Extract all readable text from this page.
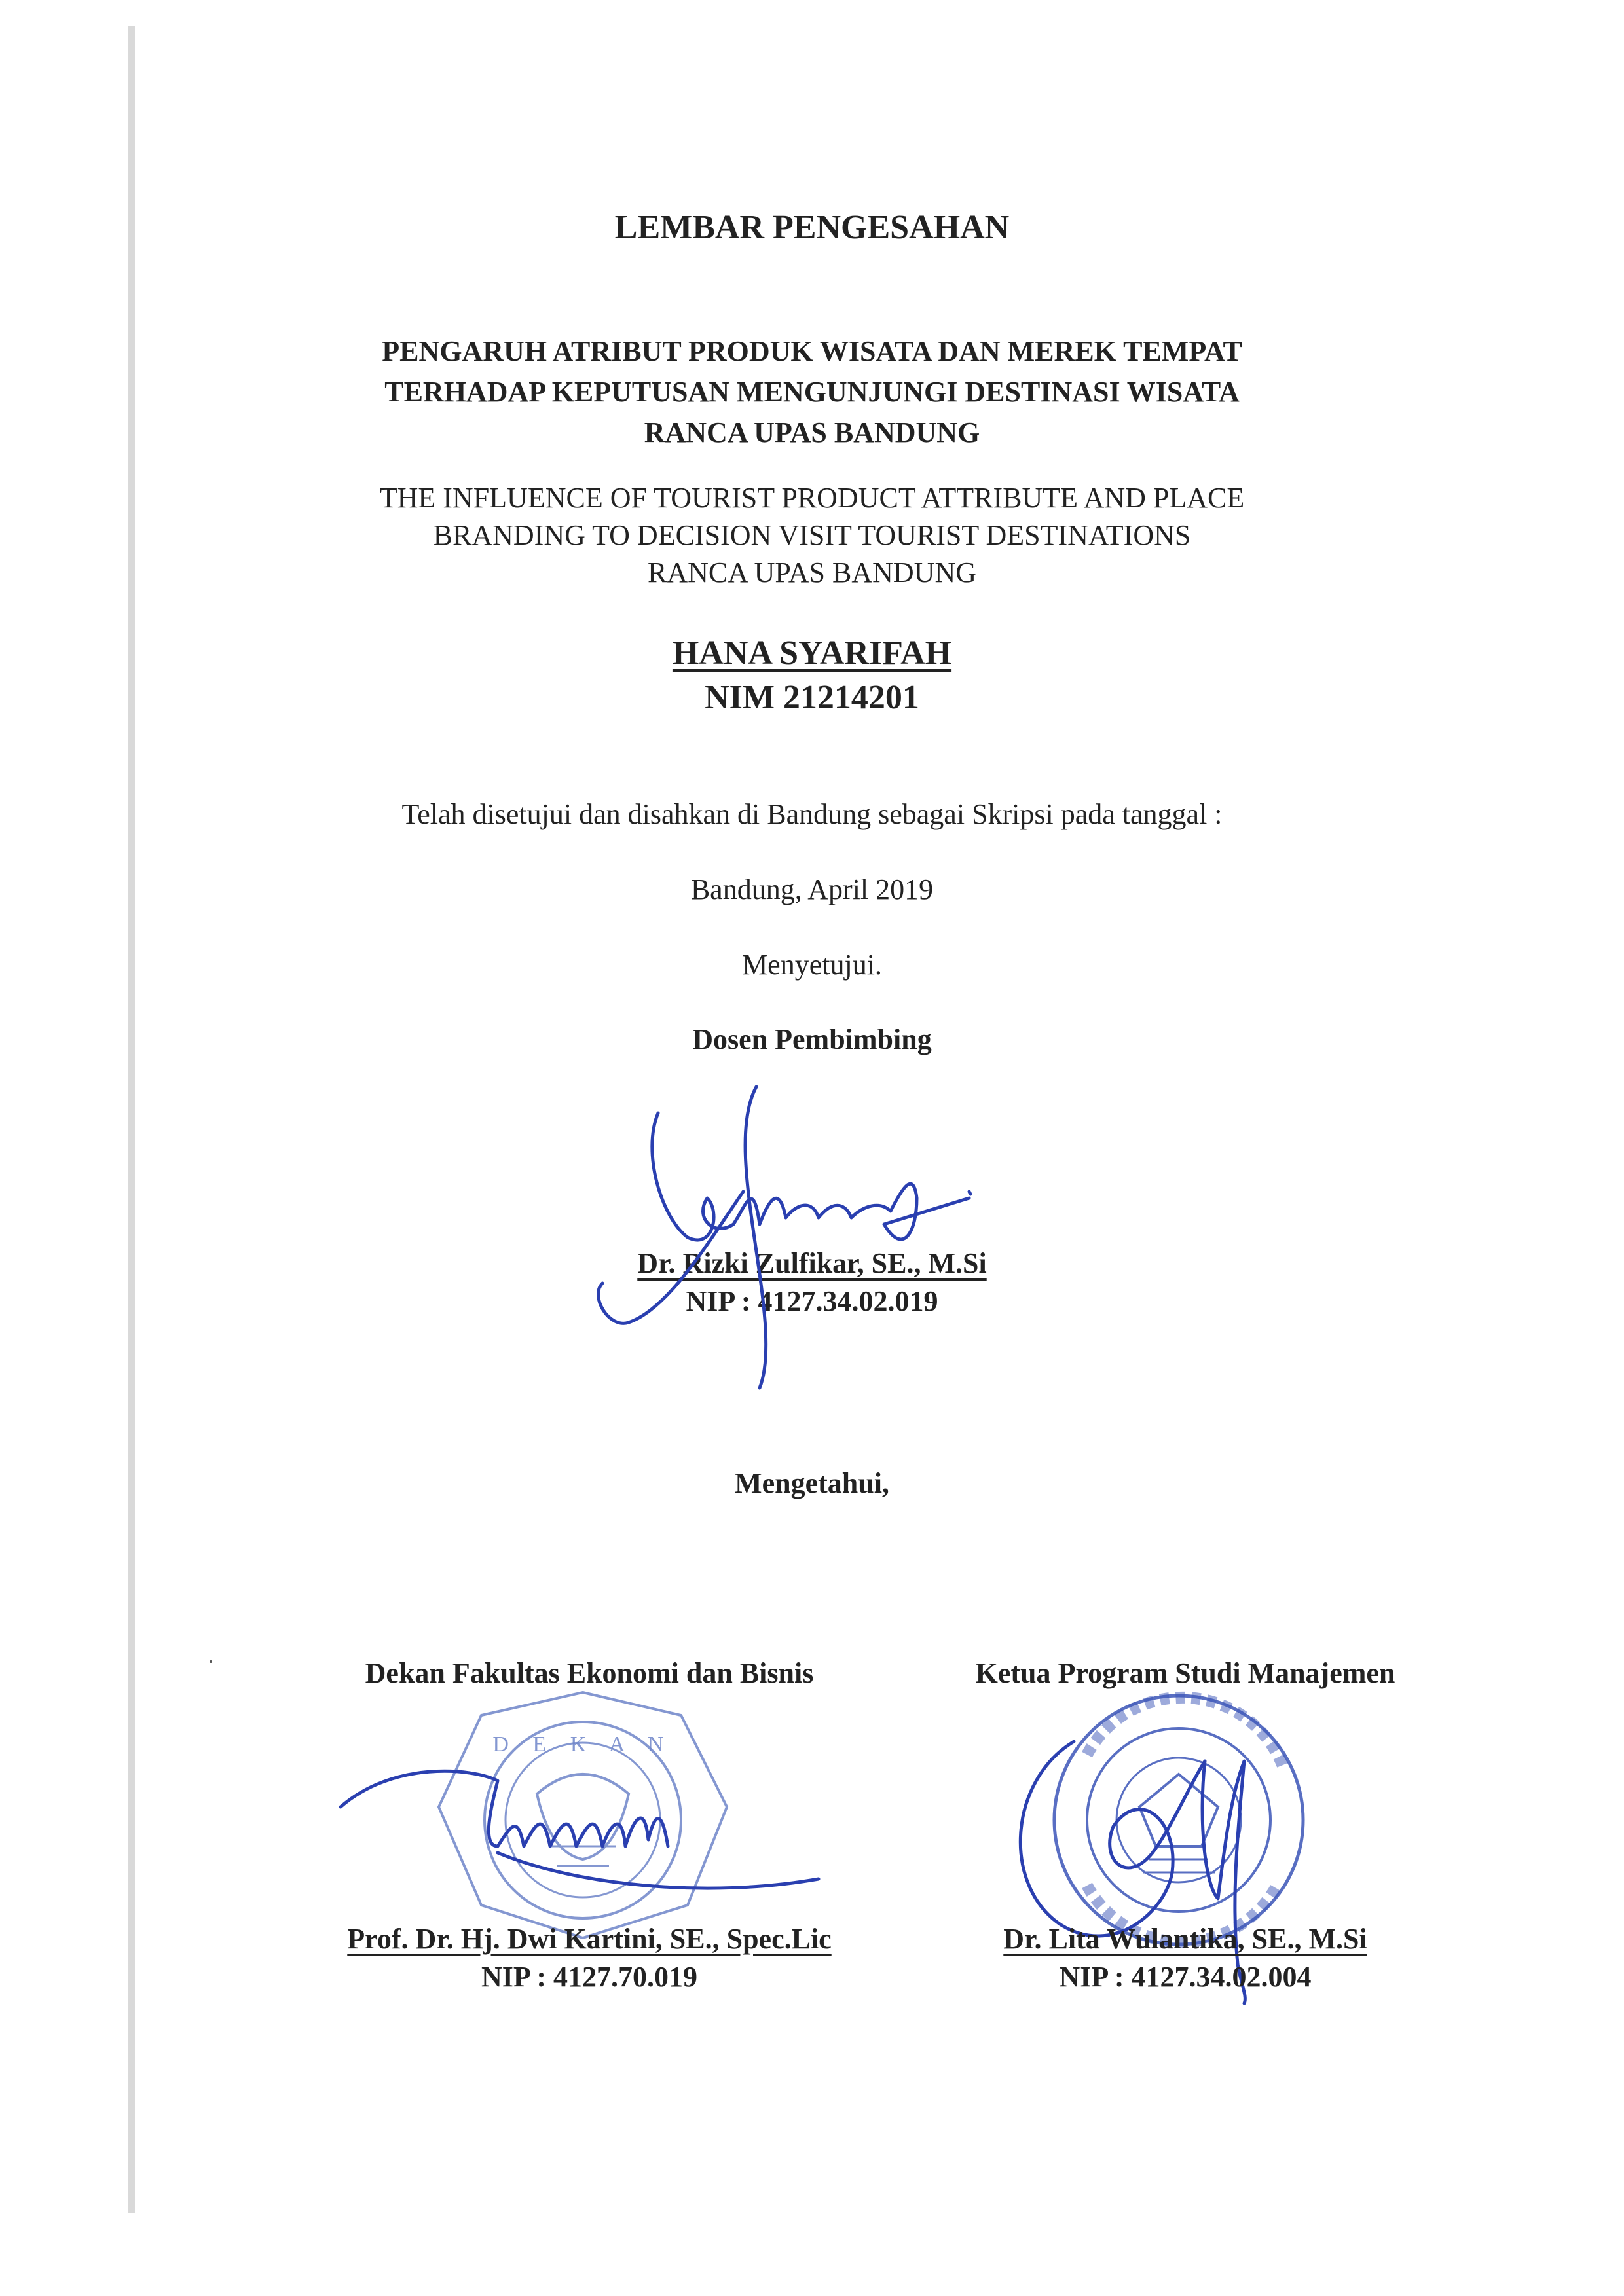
LEMBAR PENGESAHAN
PENGARUH ATRIBUT PRODUK WISATA DAN MEREK TEMPAT
TERHADAP KEPUTUSAN MENGUNJUNGI DESTINASI WISATA
RANCA UPAS BANDUNG
THE INFLUENCE OF TOURIST PRODUCT ATTRIBUTE AND PLACE
BRANDING TO DECISION VISIT TOURIST DESTINATIONS
RANCA UPAS BANDUNG
HANA SYARIFAH
NIM 21214201
Telah disetujui dan disahkan di Bandung sebagai Skripsi pada tanggal :
Bandung, April 2019
Menyetujui.
Dosen Pembimbing
Dr. Rizki Zulfikar, SE., M.Si
NIP : 4127.34.02.019
Mengetahui,
Dekan Fakultas Ekonomi dan Bisnis	Ketua Program Studi Manajemen
D E K A N
Prof. Dr. Hj. Dwi Kartini, SE., Spec.Lic
NIP : 4127.70.019
Dr. Lita Wulantika, SE., M.Si
NIP : 4127.34.02.004
